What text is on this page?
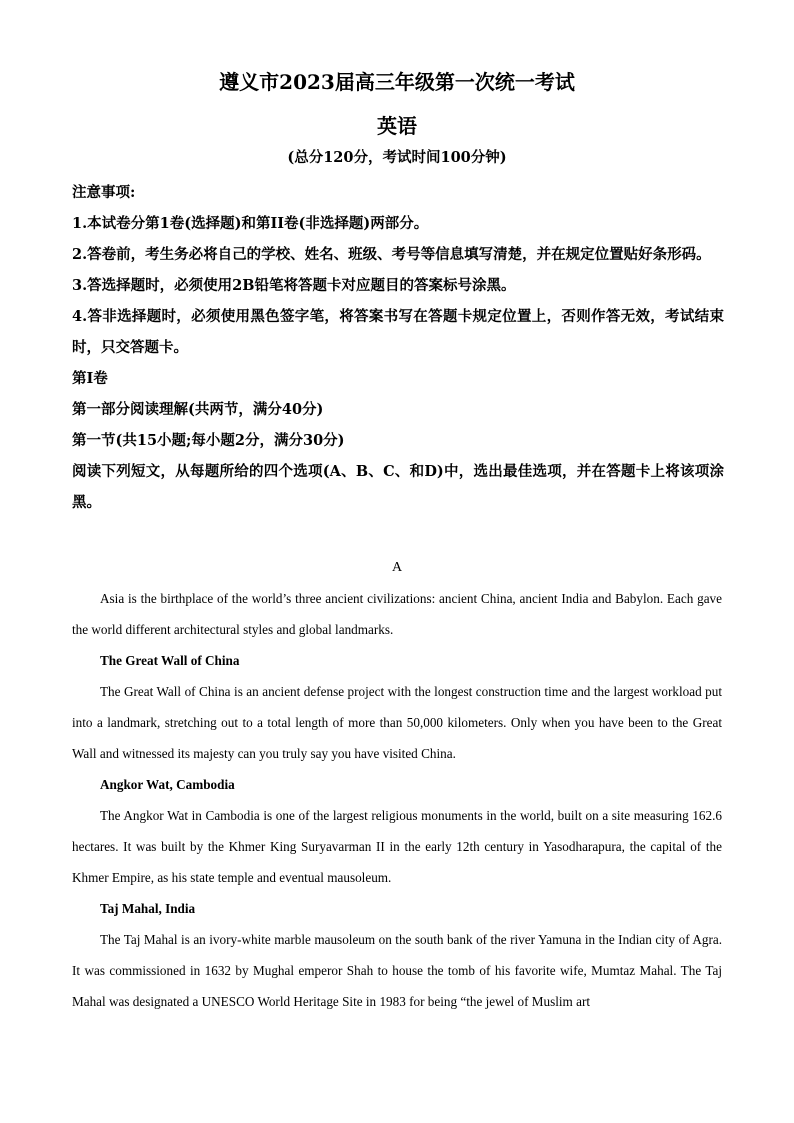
遵义市2023届高三年级第一次统一考试
英语
(总分120分，考试时间100分钟)

注意事项:

1.本试卷分第1卷(选择题)和第II卷(非选择题)两部分。

2.答卷前，考生务必将自己的学校、姓名、班级、考号等信息填写清楚，并在规定位置贴好条形码。

3.答选择题时，必须使用2B铅笔将答题卡对应题目的答案标号涂黑。

4.答非选择题时，必须使用黑色签字笔，将答案书写在答题卡规定位置上，否则作答无效，考试结束时，只交答题卡。

第I卷

第一部分阅读理解(共两节，满分40分)

第一节(共15小题;每小题2分，满分30分)

阅读下列短文，从每题所给的四个选项(A、B、C、和D)中，选出最佳选项，并在答题卡上将该项涂黑。

A

Asia is the birthplace of the world’s three ancient civilizations: ancient China, ancient India and Babylon. Each gave the world different architectural styles and global landmarks.

The Great Wall of China

The Great Wall of China is an ancient defense project with the longest construction time and the largest workload put into a landmark, stretching out to a total length of more than 50,000 kilometers. Only when you have been to the Great Wall and witnessed its majesty can you truly say you have visited China.

Angkor Wat, Cambodia

The Angkor Wat in Cambodia is one of the largest religious monuments in the world, built on a site measuring 162.6 hectares. It was built by the Khmer King Suryavarman II in the early 12th century in Yasodharapura, the capital of the Khmer Empire, as his state temple and eventual mausoleum.

Taj Mahal, India

The Taj Mahal is an ivory-white marble mausoleum on the south bank of the river Yamuna in the Indian city of Agra. It was commissioned in 1632 by Mughal emperor Shah to house the tomb of his favorite wife, Mumtaz Mahal. The Taj Mahal was designated a UNESCO World Heritage Site in 1983 for being “the jewel of Muslim art
